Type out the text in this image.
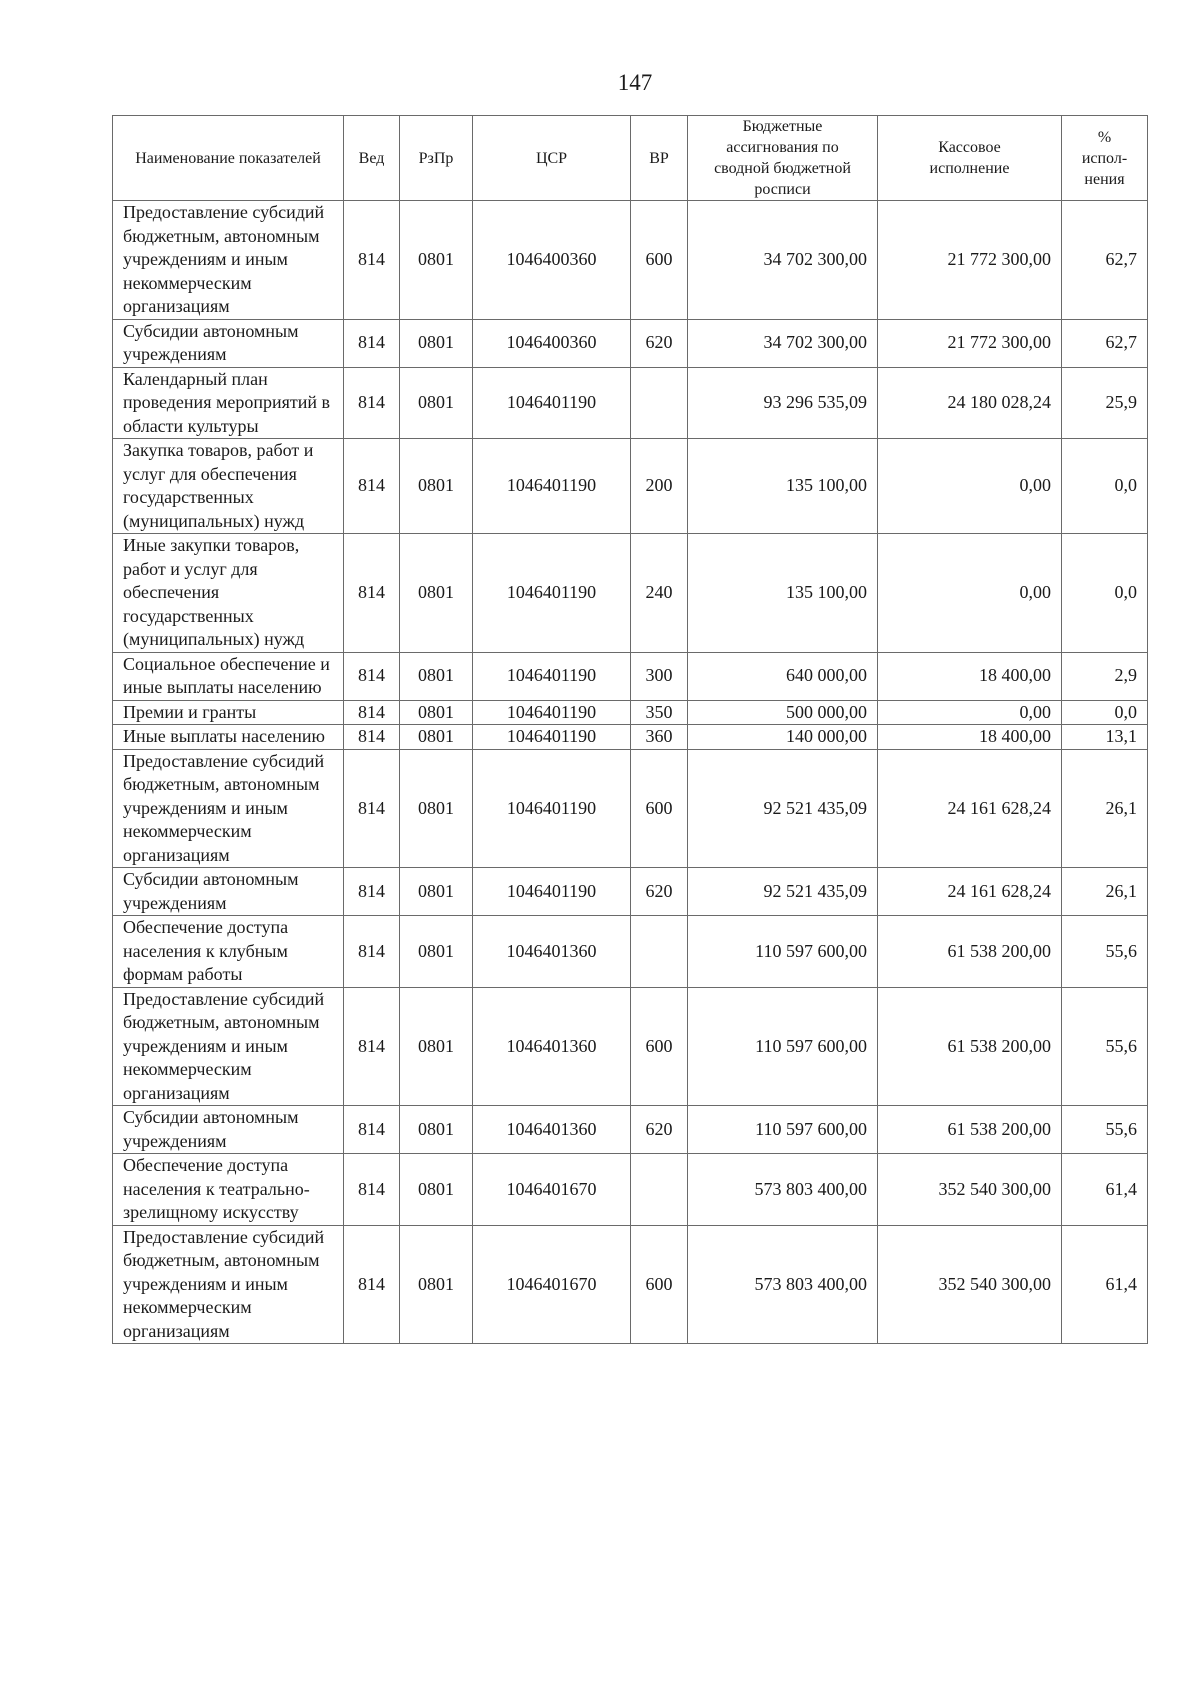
147
Наименование показателей	Вед	РзПр	ЦСР	ВР	Бюджетные ассигнования по сводной бюджетной росписи	Кассовое исполнение	% испол-нения
Предоставление субсидий бюджетным, автономным учреждениям и иным некоммерческим организациям	814	0801	1046400360	600	34 702 300,00	21 772 300,00	62,7
Субсидии автономным учреждениям	814	0801	1046400360	620	34 702 300,00	21 772 300,00	62,7
Календарный план проведения мероприятий в области культуры	814	0801	1046401190		93 296 535,09	24 180 028,24	25,9
Закупка товаров, работ и услуг для обеспечения государственных (муниципальных) нужд	814	0801	1046401190	200	135 100,00	0,00	0,0
Иные закупки товаров, работ и услуг для обеспечения государственных (муниципальных) нужд	814	0801	1046401190	240	135 100,00	0,00	0,0
Социальное обеспечение и иные выплаты населению	814	0801	1046401190	300	640 000,00	18 400,00	2,9
Премии и гранты	814	0801	1046401190	350	500 000,00	0,00	0,0
Иные выплаты населению	814	0801	1046401190	360	140 000,00	18 400,00	13,1
Предоставление субсидий бюджетным, автономным учреждениям и иным некоммерческим организациям	814	0801	1046401190	600	92 521 435,09	24 161 628,24	26,1
Субсидии автономным учреждениям	814	0801	1046401190	620	92 521 435,09	24 161 628,24	26,1
Обеспечение доступа населения к клубным формам работы	814	0801	1046401360		110 597 600,00	61 538 200,00	55,6
Предоставление субсидий бюджетным, автономным учреждениям и иным некоммерческим организациям	814	0801	1046401360	600	110 597 600,00	61 538 200,00	55,6
Субсидии автономным учреждениям	814	0801	1046401360	620	110 597 600,00	61 538 200,00	55,6
Обеспечение доступа населения к театрально-зрелищному искусству	814	0801	1046401670		573 803 400,00	352 540 300,00	61,4
Предоставление субсидий бюджетным, автономным учреждениям и иным некоммерческим организациям	814	0801	1046401670	600	573 803 400,00	352 540 300,00	61,4
